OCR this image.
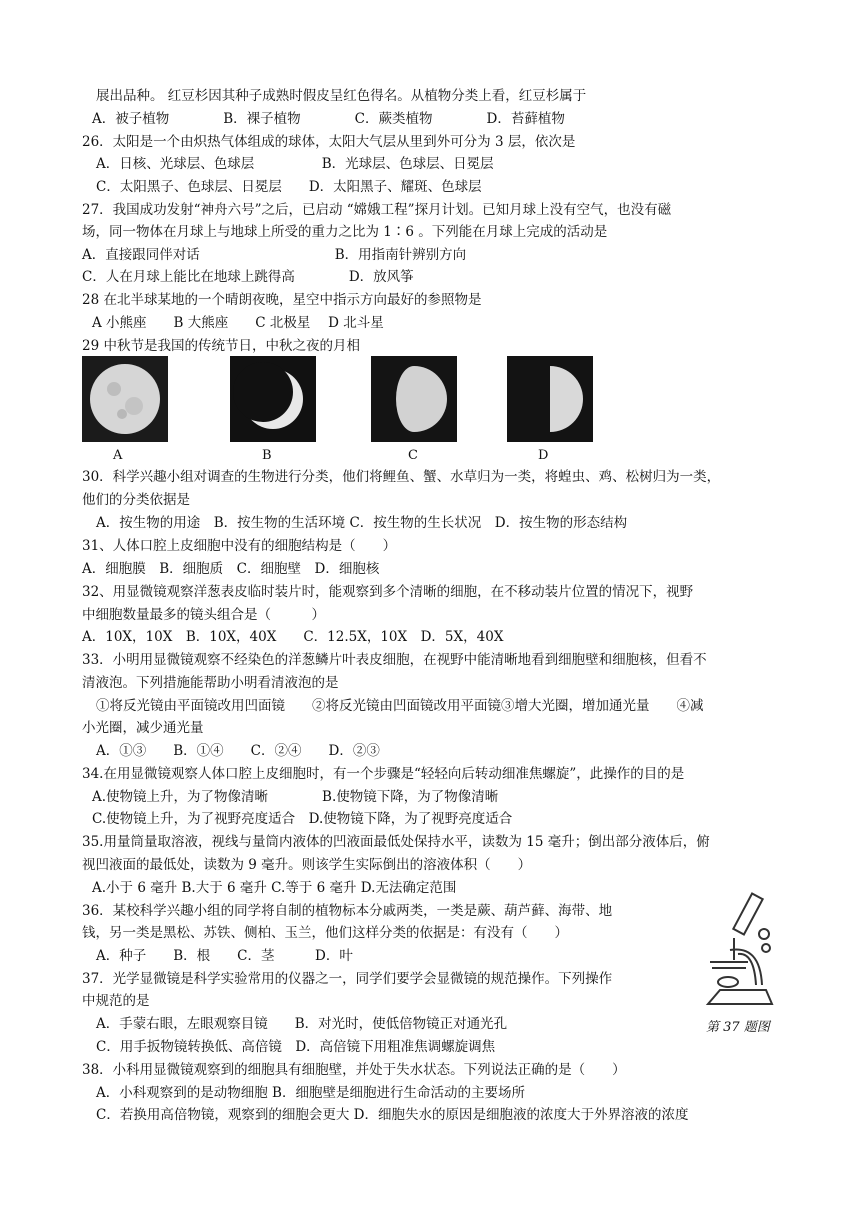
展出品种。 红豆杉因其种子成熟时假皮呈红色得名。从植物分类上看，红豆杉属于
A．被子植物　　　　B．裸子植物　　　　C．蕨类植物　　　　D．苔藓植物
26．太阳是一个由炽热气体组成的球体，太阳大气层从里到外可分为 3 层，依次是
A．日核、光球层、色球层　　　　　B．光球层、色球层、日冕层
C．太阳黑子、色球层、日冕层　　D．太阳黑子、耀斑、色球层
27．我国成功发射“神舟六号”之后，已启动 “嫦娥工程”探月计划。已知月球上没有空气，也没有磁
场，同一物体在月球上与地球上所受的重力之比为 1∶6 。下列能在月球上完成的活动是
A．直接跟同伴对话　　　　　　　　　　B．用指南针辨别方向
C．人在月球上能比在地球上跳得高　　　　D．放风筝
28 在北半球某地的一个晴朗夜晚，星空中指示方向最好的参照物是
A 小熊座　　B 大熊座　　C 北极星　 D 北斗星
29 中秋节是我国的传统节日，中秋之夜的月相
30．科学兴趣小组对调查的生物进行分类，他们将鲤鱼、蟹、水草归为一类，将蝗虫、鸡、松树归为一类，
他们的分类依据是
A．按生物的用途　B．按生物的生活环境 C．按生物的生长状况　D．按生物的形态结构
31、人体口腔上皮细胞中没有的细胞结构是（　　）
A．细胞膜　B．细胞质　C．细胞壁　D．细胞核
32、用显微镜观察洋葱表皮临时装片时，能观察到多个清晰的细胞，在不移动装片位置的情况下，视野
中细胞数量最多的镜头组合是（　　　）
A．10X，10X　B．10X，40X　　C．12.5X，10X　D．5X，40X
33．小明用显微镜观察不经染色的洋葱鳞片叶表皮细胞，在视野中能清晰地看到细胞壁和细胞核，但看不
清液泡。下列措施能帮助小明看清液泡的是
①将反光镜由平面镜改用凹面镜　　②将反光镜由凹面镜改用平面镜③增大光圈，增加通光量　　④减
小光圈，减少通光量
A．①③　　B．①④　　C．②④　　D．②③
34.在用显微镜观察人体口腔上皮细胞时，有一个步骤是“轻轻向后转动细准焦螺旋”，此操作的目的是
A.使物镜上升，为了物像清晰　　　　B.使物镜下降，为了物像清晰
C.使物镜上升，为了视野亮度适合　D.使物镜下降，为了视野亮度适合
35.用量筒量取溶液，视线与量筒内液体的凹液面最低处保持水平，读数为 15 毫升；倒出部分液体后，俯
视凹液面的最低处，读数为 9 毫升。则该学生实际倒出的溶液体积（　　）
A.小于 6 毫升 B.大于 6 毫升 C.等于 6 毫升 D.无法确定范围
36．某校科学兴趣小组的同学将自制的植物标本分戚两类，一类是蕨、葫芦藓、海带、地
钱，另一类是黑松、苏铁、侧柏、玉兰，他们这样分类的依据是：有没有（　　）
A．种子　　B．根　　C．茎　　　D．叶
37．光学显微镜是科学实验常用的仪器之一，同学们要学会显微镜的规范操作。下列操作
中规范的是
A．手蒙右眼，左眼观察目镜　　B．对光时，使低倍物镜正对通光孔
C．用手扳物镜转换低、高倍镜　D．高倍镜下用粗准焦调螺旋调焦
38．小科用显微镜观察到的细胞具有细胞壁，并处于失水状态。下列说法正确的是（　　）
A．小科观察到的是动物细胞 B．细胞壁是细胞进行生命活动的主要场所
C．若换用高倍物镜，观察到的细胞会更大 D．细胞失水的原因是细胞液的浓度大于外界溶液的浓度
A	B	C	D
第 37 题图
